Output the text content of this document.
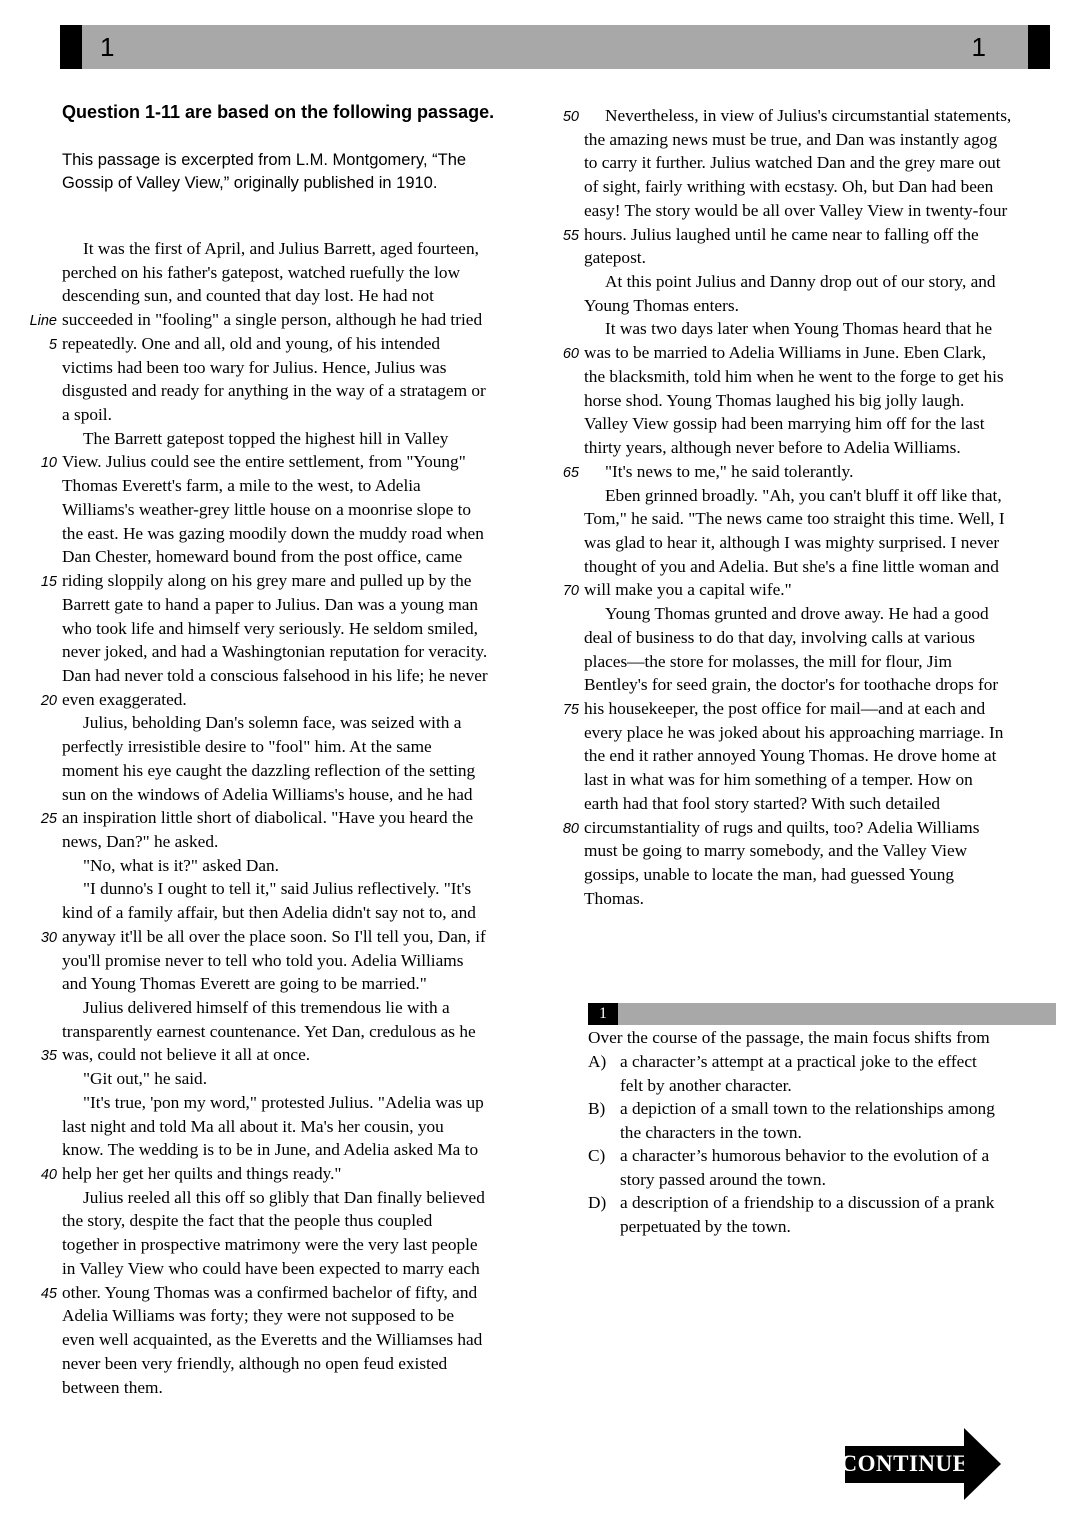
1	1

Question 1-11 are based on the following passage.

This passage is excerpted from L.M. Montgomery, “The
Gossip of Valley View,” originally published in 1910.
It was the first of April, and Julius Barrett, aged fourteen,
perched on his father's gatepost, watched ruefully the low
descending sun, and counted that day lost. He had not
Line succeeded in "fooling" a single person, although he had tried
5 repeatedly. One and all, old and young, of his intended
victims had been too wary for Julius. Hence, Julius was
disgusted and ready for anything in the way of a stratagem or
a spoil.
The Barrett gatepost topped the highest hill in Valley
10 View. Julius could see the entire settlement, from "Young"
Thomas Everett's farm, a mile to the west, to Adelia
Williams's weather-grey little house on a moonrise slope to
the east. He was gazing moodily down the muddy road when
Dan Chester, homeward bound from the post office, came
15 riding sloppily along on his grey mare and pulled up by the
Barrett gate to hand a paper to Julius. Dan was a young man
who took life and himself very seriously. He seldom smiled,
never joked, and had a Washingtonian reputation for veracity.
Dan had never told a conscious falsehood in his life; he never
20 even exaggerated.
Julius, beholding Dan's solemn face, was seized with a
perfectly irresistible desire to "fool" him. At the same
moment his eye caught the dazzling reflection of the setting
sun on the windows of Adelia Williams's house, and he had
25 an inspiration little short of diabolical. "Have you heard the
news, Dan?" he asked.
"No, what is it?" asked Dan.
"I dunno's I ought to tell it," said Julius reflectively. "It's
kind of a family affair, but then Adelia didn't say not to, and
30 anyway it'll be all over the place soon. So I'll tell you, Dan, if
you'll promise never to tell who told you. Adelia Williams
and Young Thomas Everett are going to be married."
Julius delivered himself of this tremendous lie with a
transparently earnest countenance. Yet Dan, credulous as he
35 was, could not believe it all at once.
"Git out," he said.
"It's true, 'pon my word," protested Julius. "Adelia was up
last night and told Ma all about it. Ma's her cousin, you
know. The wedding is to be in June, and Adelia asked Ma to
40 help her get her quilts and things ready."
Julius reeled all this off so glibly that Dan finally believed
the story, despite the fact that the people thus coupled
together in prospective matrimony were the very last people
in Valley View who could have been expected to marry each
45 other. Young Thomas was a confirmed bachelor of fifty, and
Adelia Williams was forty; they were not supposed to be
even well acquainted, as the Everetts and the Williamses had
never been very friendly, although no open feud existed
between them.
50	Nevertheless, in view of Julius's circumstantial statements,
the amazing news must be true, and Dan was instantly agog
to carry it further. Julius watched Dan and the grey mare out
of sight, fairly writhing with ecstasy. Oh, but Dan had been
easy! The story would be all over Valley View in twenty-four
55 hours. Julius laughed until he came near to falling off the
gatepost.
At this point Julius and Danny drop out of our story, and
Young Thomas enters.
It was two days later when Young Thomas heard that he
60 was to be married to Adelia Williams in June. Eben Clark,
the blacksmith, told him when he went to the forge to get his
horse shod. Young Thomas laughed his big jolly laugh.
Valley View gossip had been marrying him off for the last
thirty years, although never before to Adelia Williams.
65	"It's news to me," he said tolerantly.
Eben grinned broadly. "Ah, you can't bluff it off like that,
Tom," he said. "The news came too straight this time. Well, I
was glad to hear it, although I was mighty surprised. I never
thought of you and Adelia. But she's a fine little woman and
70 will make you a capital wife."
Young Thomas grunted and drove away. He had a good
deal of business to do that day, involving calls at various
places—the store for molasses, the mill for flour, Jim
Bentley's for seed grain, the doctor's for toothache drops for
75 his housekeeper, the post office for mail—and at each and
every place he was joked about his approaching marriage. In
the end it rather annoyed Young Thomas. He drove home at
last in what was for him something of a temper. How on
earth had that fool story started? With such detailed
80 circumstantiality of rugs and quilts, too? Adelia Williams
must be going to marry somebody, and the Valley View
gossips, unable to locate the man, had guessed Young
Thomas.
1

Over the course of the passage, the main focus shifts from

A) a character’s attempt at a practical joke to the effect
felt by another character.
B) a depiction of a small town to the relationships among
the characters in the town.
C) a character’s humorous behavior to the evolution of a
story passed around the town.
D) a description of a friendship to a discussion of a prank
perpetuated by the town.
CONTINUE
